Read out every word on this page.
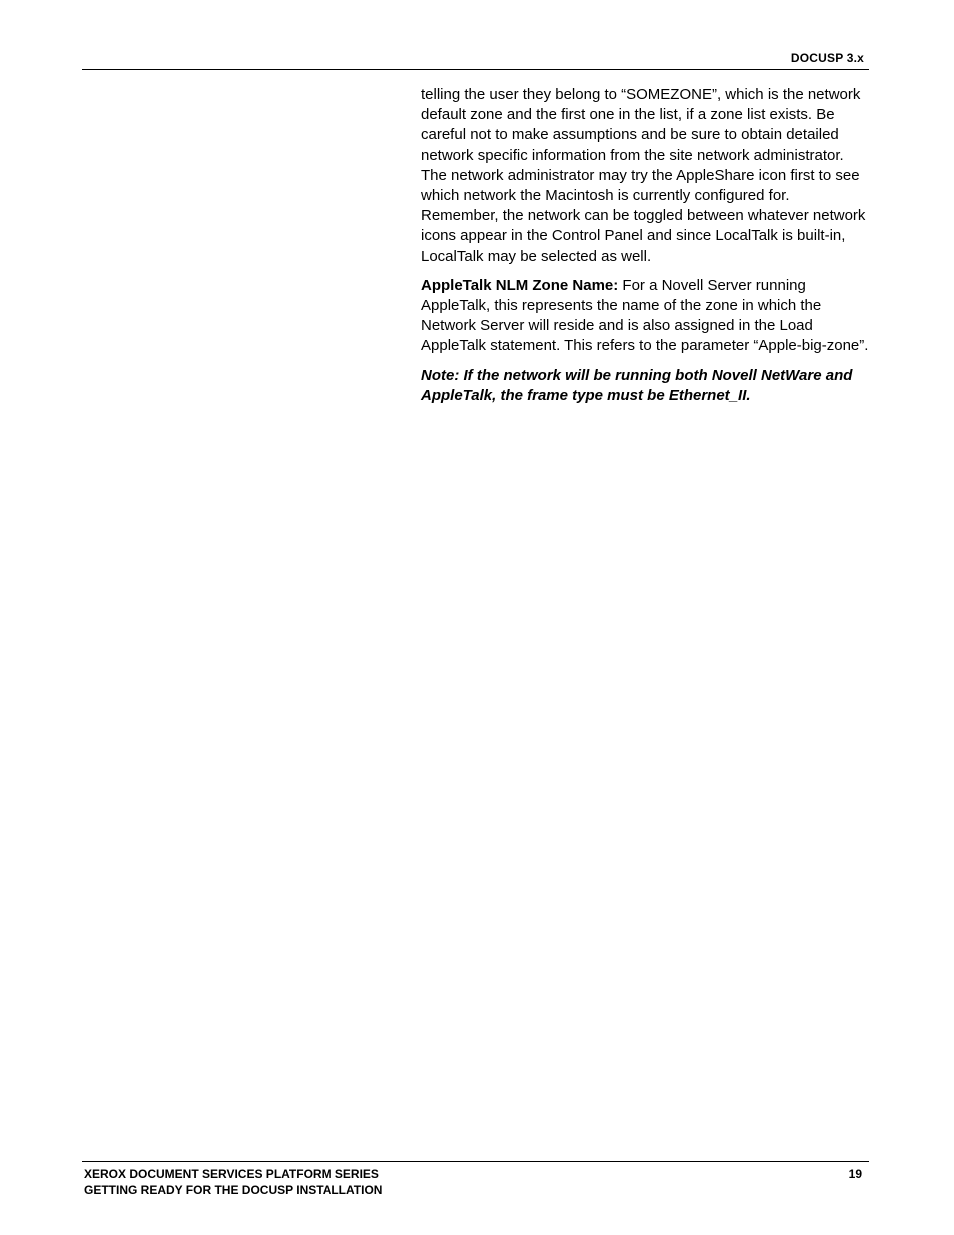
DOCUSP 3.x

telling the user they belong to “SOMEZONE”, which is the network default zone and the first one in the list, if a zone list exists. Be careful not to make assumptions and be sure to obtain detailed network specific information from the site network administrator. The network administrator may try the AppleShare icon first to see which network the Macintosh is currently configured for. Remember, the network can be toggled between whatever network icons appear in the Control Panel and since LocalTalk is built-in, LocalTalk may be selected as well.

AppleTalk NLM Zone Name: For a Novell Server running AppleTalk, this represents the name of the zone in which the Network Server will reside and is also assigned in the Load AppleTalk statement. This refers to the parameter “Apple-big-zone”.

Note: If the network will be running both Novell NetWare and AppleTalk, the frame type must be Ethernet_II.

XEROX DOCUMENT SERVICES PLATFORM SERIES
GETTING READY FOR THE DOCUSP INSTALLATION
19
